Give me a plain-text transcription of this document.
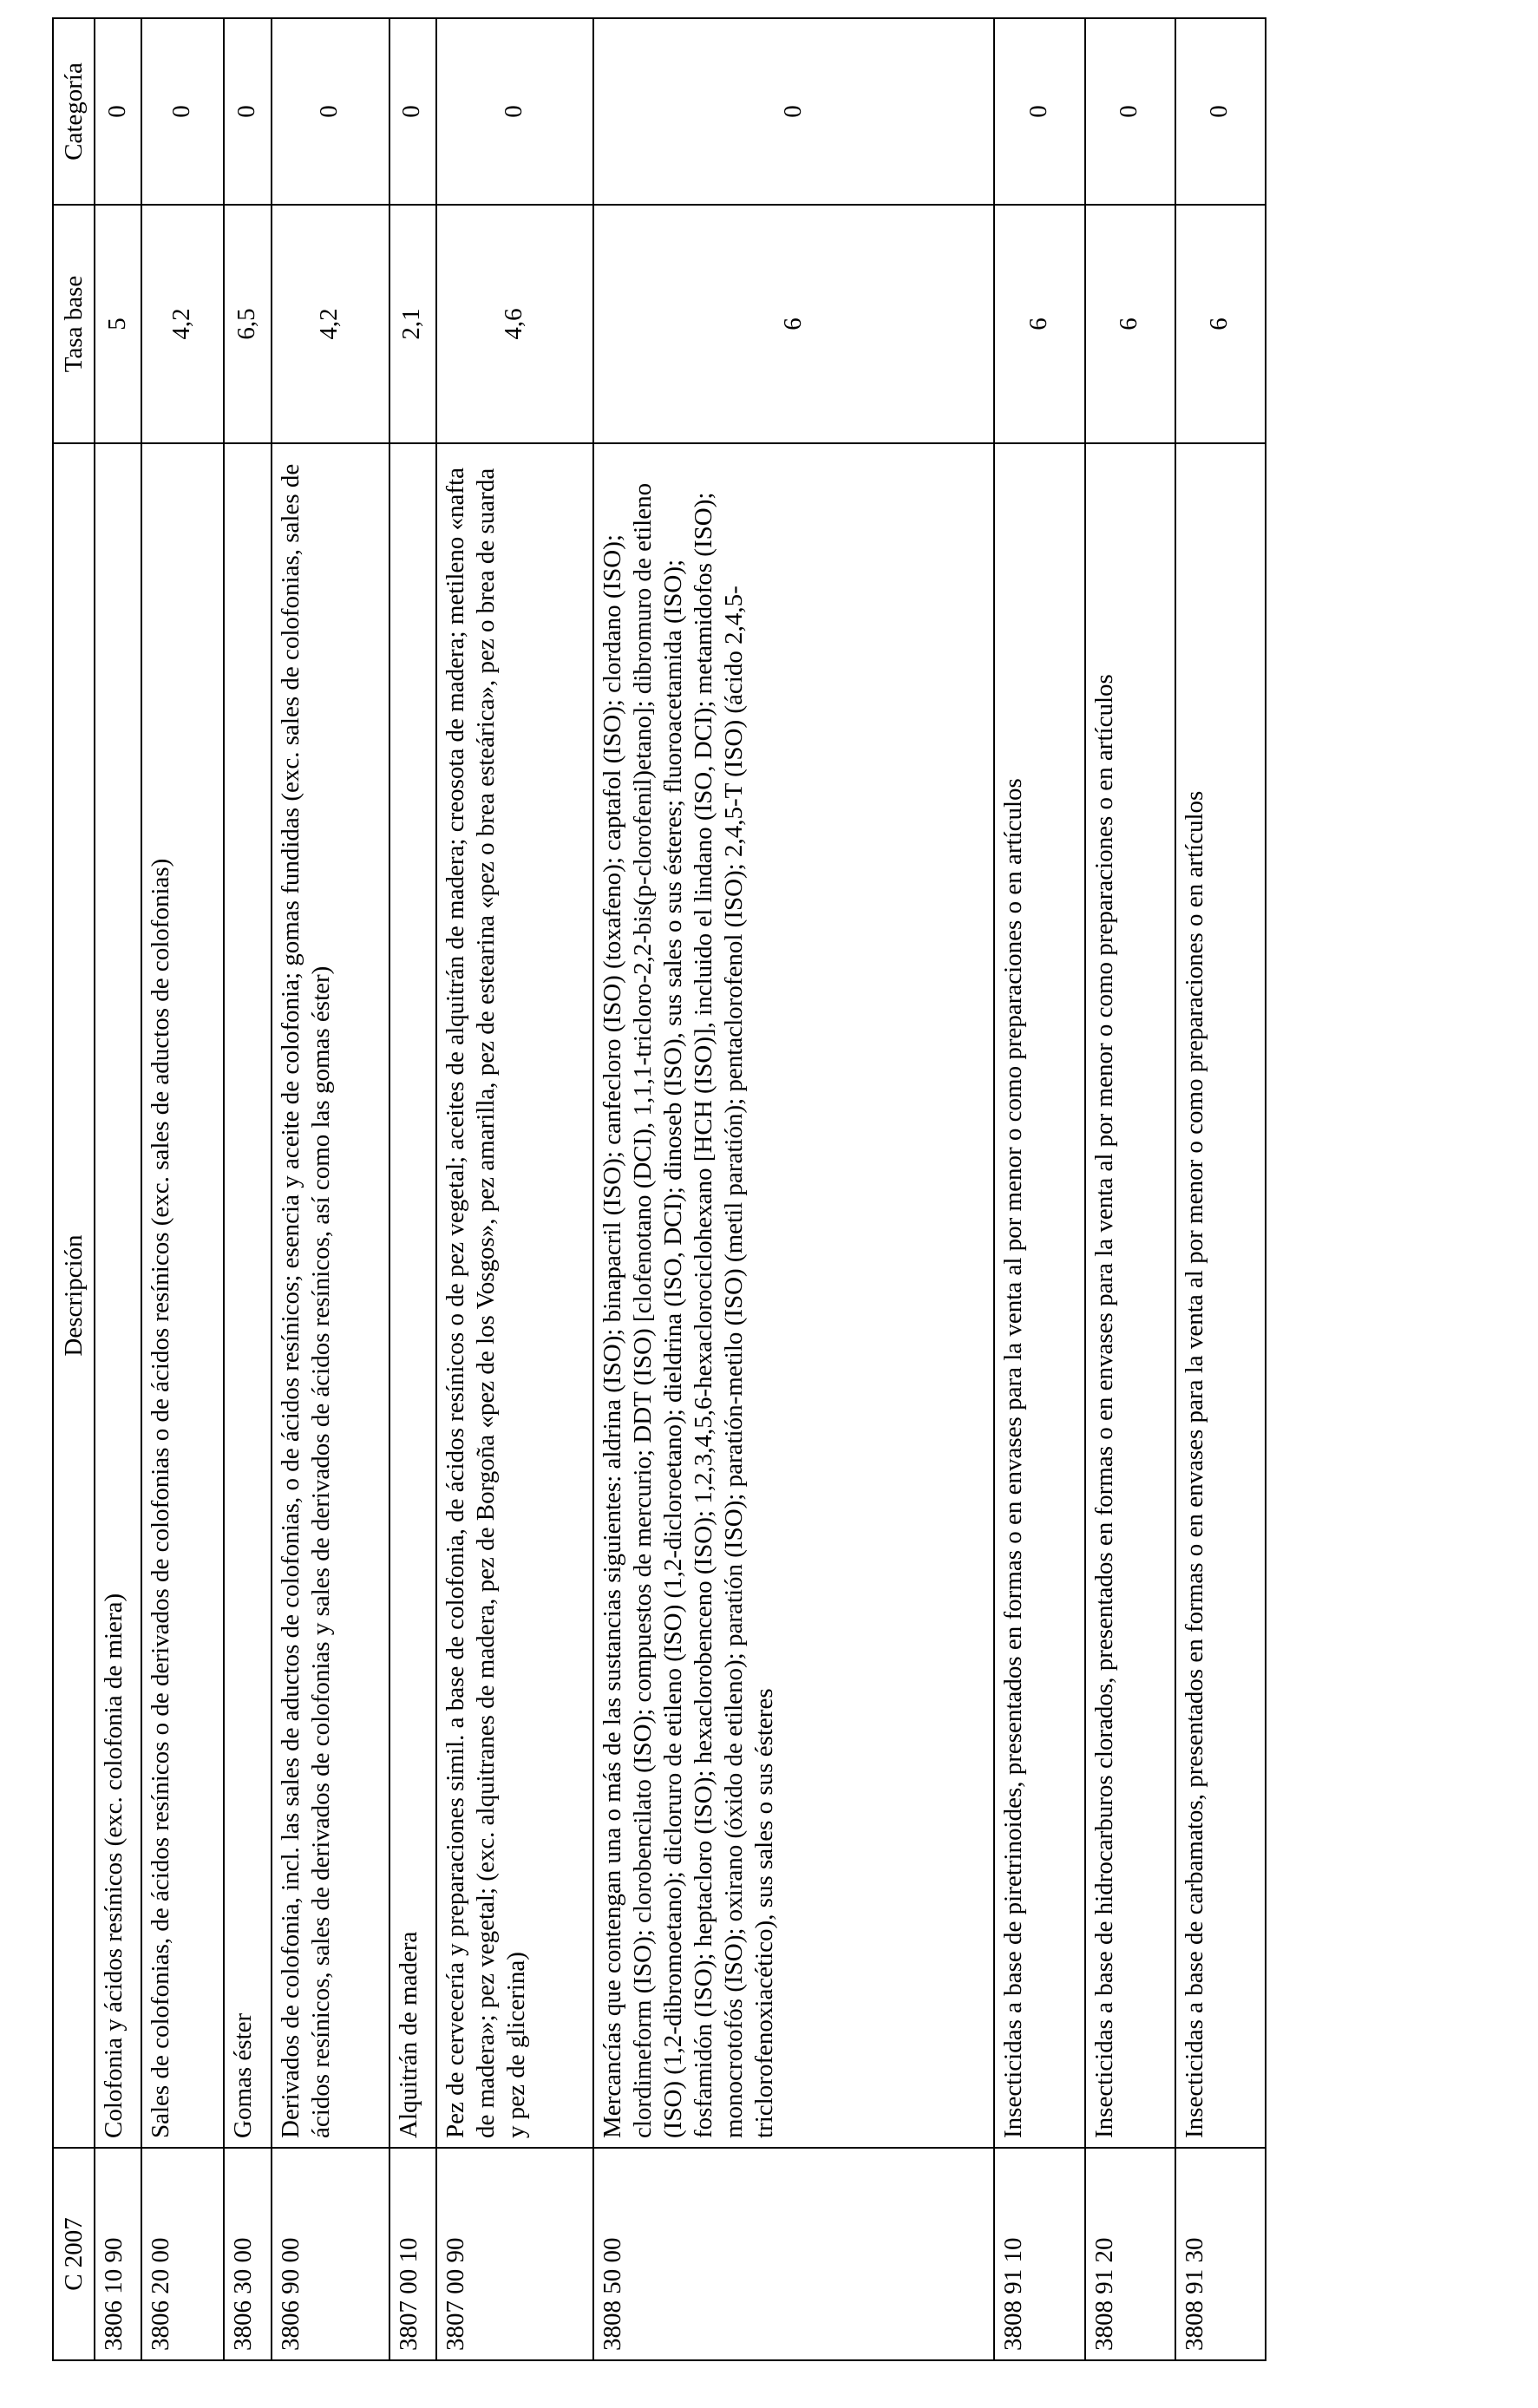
C 2007	Descripción	Tasa base	Categoría
3806 10 90	Colofonia y ácidos resínicos (exc. colofonia de miera)	5	0
3806 20 00	Sales de colofonias, de ácidos resínicos o de derivados de colofonias o de ácidos resínicos (exc. sales de aductos de colofonias)	4,2	0
3806 30 00	Gomas éster	6,5	0
3806 90 00	Derivados de colofonia, incl. las sales de aductos de colofonias, o de ácidos resínicos; esencia y aceite de colofonia; gomas fundidas (exc. sales de colofonias, sales de ácidos resínicos, sales de derivados de colofonias y sales de derivados de ácidos resínicos, así como las gomas éster)	4,2	0
3807 00 10	Alquitrán de madera	2,1	0
3807 00 90	Pez de cervecería y preparaciones simil. a base de colofonia, de ácidos resínicos o de pez vegetal; aceites de alquitrán de madera; creosota de madera; metileno «nafta de madera»; pez vegetal; (exc. alquitranes de madera, pez de Borgoña «pez de los Vosgos», pez amarilla, pez de estearina «pez o brea esteárica», pez o brea de suarda y pez de glicerina)	4,6	0
3808 50 00	Mercancías que contengan una o más de las sustancias siguientes: aldrina (ISO); binapacril (ISO); canfecloro (ISO) (toxafeno); captafol (ISO); clordano (ISO); clordimeform (ISO); clorobencilato (ISO); compuestos de mercurio; DDT (ISO) [clofenotano (DCI), 1,1,1-tricloro-2,2-bis(p-clorofenil)etano]; dibromuro de etileno (ISO) (1,2-dibromoetano); dicloruro de etileno (ISO) (1,2-dicloroetano); dieldrina (ISO, DCI); dinoseb (ISO), sus sales o sus ésteres; fluoroacetamida (ISO); fosfamidón (ISO); heptacloro (ISO); hexaclorobenceno (ISO); 1,2,3,4,5,6-hexaclorociclohexano [HCH (ISO)], incluido el lindano (ISO, DCI); metamidofos (ISO); monocrotofós (ISO); oxirano (óxido de etileno); paratión (ISO); paratión-metilo (ISO) (metil paratión); pentaclorofenol (ISO); 2,4,5-T (ISO) (ácido 2,4,5-triclorofenoxiacético), sus sales o sus ésteres	6	0
3808 91 10	Insecticidas a base de piretrinoides, presentados en formas o en envases para la venta al por menor o como preparaciones o en artículos	6	0
3808 91 20	Insecticidas a base de hidrocarburos clorados, presentados en formas o en envases para la venta al por menor o como preparaciones o en artículos	6	0
3808 91 30	Insecticidas a base de carbamatos, presentados en formas o en envases para la venta al por menor o como preparaciones o en artículos	6	0
